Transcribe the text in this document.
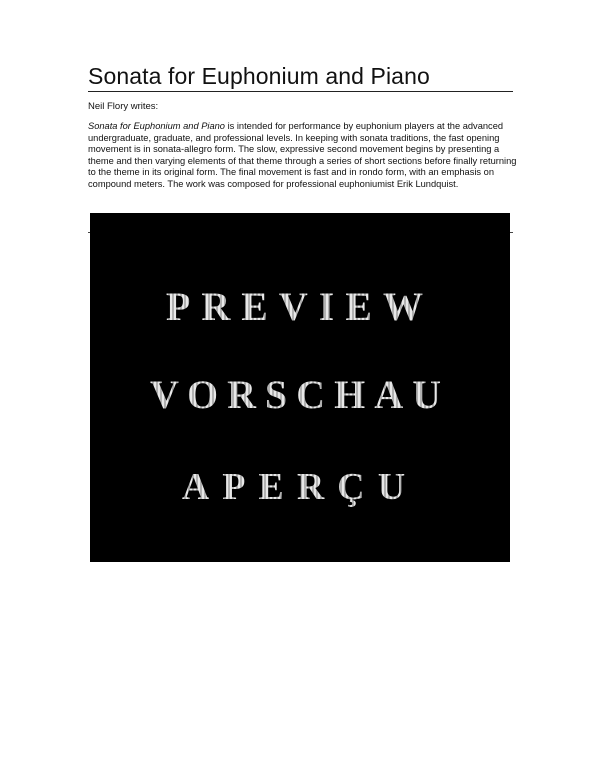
Sonata for Euphonium and Piano
Neil Flory writes:

Sonata for Euphonium and Piano is intended for performance by euphonium players at the advanced undergraduate, graduate, and professional levels. In keeping with sonata traditions, the fast opening movement is in sonata-allegro form. The slow, expressive second movement begins by presenting a theme and then varying elements of that theme through a series of short sections before finally returning to the theme in its original form. The final movement is fast and in rondo form, with an emphasis on compound meters. The work was composed for professional euphoniumist Erik Lundquist.

PREVIEW
VORSCHAU
APERÇU
